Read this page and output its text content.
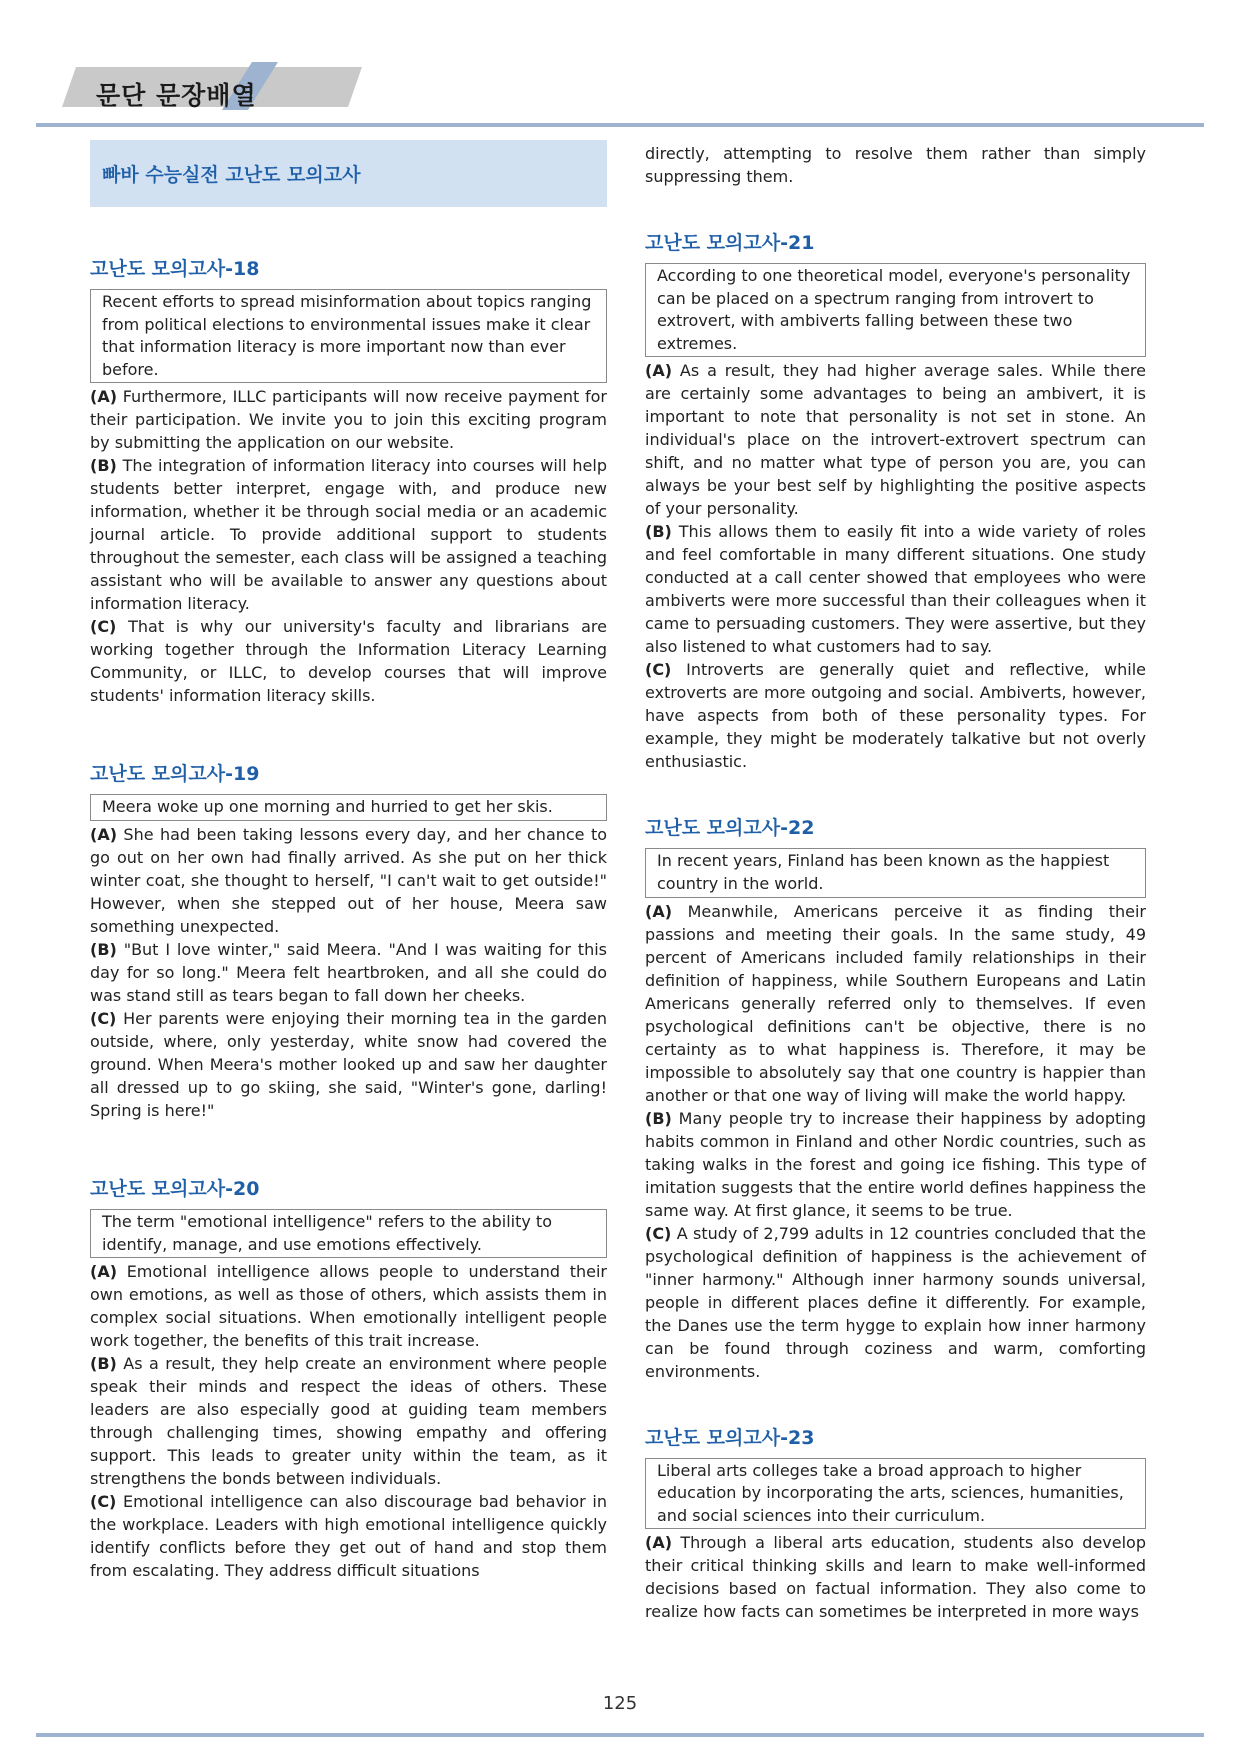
문단 문장배열
빠바 수능실전 고난도 모의고사
고난도 모의고사-18
Recent efforts to spread misinformation about topics ranging from political elections to environmental issues make it clear that information literacy is more important now than ever before.
(A) Furthermore, ILLC participants will now receive payment for their participation. We invite you to join this exciting program by submitting the application on our website.
(B) The integration of information literacy into courses will help students better interpret, engage with, and produce new information, whether it be through social media or an academic journal article. To provide additional support to students throughout the semester, each class will be assigned a teaching assistant who will be available to answer any questions about information literacy.
(C) That is why our university's faculty and librarians are working together through the Information Literacy Learning Community, or ILLC, to develop courses that will improve students' information literacy skills.
고난도 모의고사-19
Meera woke up one morning and hurried to get her skis.
(A) She had been taking lessons every day, and her chance to go out on her own had finally arrived. As she put on her thick winter coat, she thought to herself, "I can't wait to get outside!" However, when she stepped out of her house, Meera saw something unexpected.
(B) "But I love winter," said Meera. "And I was waiting for this day for so long." Meera felt heartbroken, and all she could do was stand still as tears began to fall down her cheeks.
(C) Her parents were enjoying their morning tea in the garden outside, where, only yesterday, white snow had covered the ground. When Meera's mother looked up and saw her daughter all dressed up to go skiing, she said, "Winter's gone, darling! Spring is here!"
고난도 모의고사-20
The term "emotional intelligence" refers to the ability to identify, manage, and use emotions effectively.
(A) Emotional intelligence allows people to understand their own emotions, as well as those of others, which assists them in complex social situations. When emotionally intelligent people work together, the benefits of this trait increase.
(B) As a result, they help create an environment where people speak their minds and respect the ideas of others. These leaders are also especially good at guiding team members through challenging times, showing empathy and offering support. This leads to greater unity within the team, as it strengthens the bonds between individuals.
(C) Emotional intelligence can also discourage bad behavior in the workplace. Leaders with high emotional intelligence quickly identify conflicts before they get out of hand and stop them from escalating. They address difficult situations
directly, attempting to resolve them rather than simply suppressing them.
고난도 모의고사-21
According to one theoretical model, everyone's personality can be placed on a spectrum ranging from introvert to extrovert, with ambiverts falling between these two extremes.
(A) As a result, they had higher average sales. While there are certainly some advantages to being an ambivert, it is important to note that personality is not set in stone. An individual's place on the introvert-extrovert spectrum can shift, and no matter what type of person you are, you can always be your best self by highlighting the positive aspects of your personality.
(B) This allows them to easily fit into a wide variety of roles and feel comfortable in many different situations. One study conducted at a call center showed that employees who were ambiverts were more successful than their colleagues when it came to persuading customers. They were assertive, but they also listened to what customers had to say.
(C) Introverts are generally quiet and reflective, while extroverts are more outgoing and social. Ambiverts, however, have aspects from both of these personality types. For example, they might be moderately talkative but not overly enthusiastic.
고난도 모의고사-22
In recent years, Finland has been known as the happiest country in the world.
(A) Meanwhile, Americans perceive it as finding their passions and meeting their goals. In the same study, 49 percent of Americans included family relationships in their definition of happiness, while Southern Europeans and Latin Americans generally referred only to themselves. If even psychological definitions can't be objective, there is no certainty as to what happiness is. Therefore, it may be impossible to absolutely say that one country is happier than another or that one way of living will make the world happy.
(B) Many people try to increase their happiness by adopting habits common in Finland and other Nordic countries, such as taking walks in the forest and going ice fishing. This type of imitation suggests that the entire world defines happiness the same way. At first glance, it seems to be true.
(C) A study of 2,799 adults in 12 countries concluded that the psychological definition of happiness is the achievement of "inner harmony." Although inner harmony sounds universal, people in different places define it differently. For example, the Danes use the term hygge to explain how inner harmony can be found through coziness and warm, comforting environments.
고난도 모의고사-23
Liberal arts colleges take a broad approach to higher education by incorporating the arts, sciences, humanities, and social sciences into their curriculum.
(A) Through a liberal arts education, students also develop their critical thinking skills and learn to make well-informed decisions based on factual information. They also come to realize how facts can sometimes be interpreted in more ways
125
